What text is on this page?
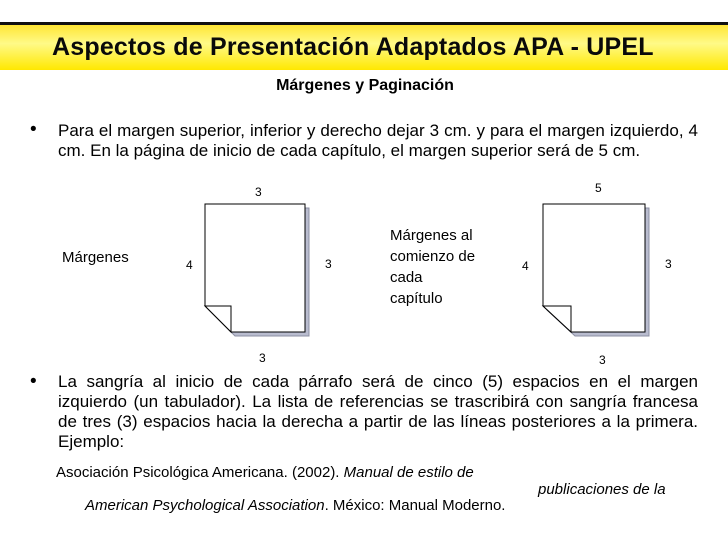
Aspectos de Presentación Adaptados APA - UPEL
Márgenes y Paginación
• Para el margen superior, inferior y derecho dejar 3 cm. y para el margen izquierdo, 4 cm. En la página de inicio de cada capítulo, el margen superior será de 5 cm.
3
Márgenes	4	3
3
5
Márgenes al
comienzo de
cada
capítulo
4	3
3
• La sangría al inicio de cada párrafo será de cinco (5) espacios en el margen izquierdo (un tabulador). La lista de referencias se trascribirá con sangría francesa de tres (3) espacios hacia la derecha a partir de las líneas posteriores a la primera. Ejemplo:
Asociación Psicológica Americana. (2002). Manual de estilo de
publicaciones de la
American Psychological Association. México: Manual Moderno.
